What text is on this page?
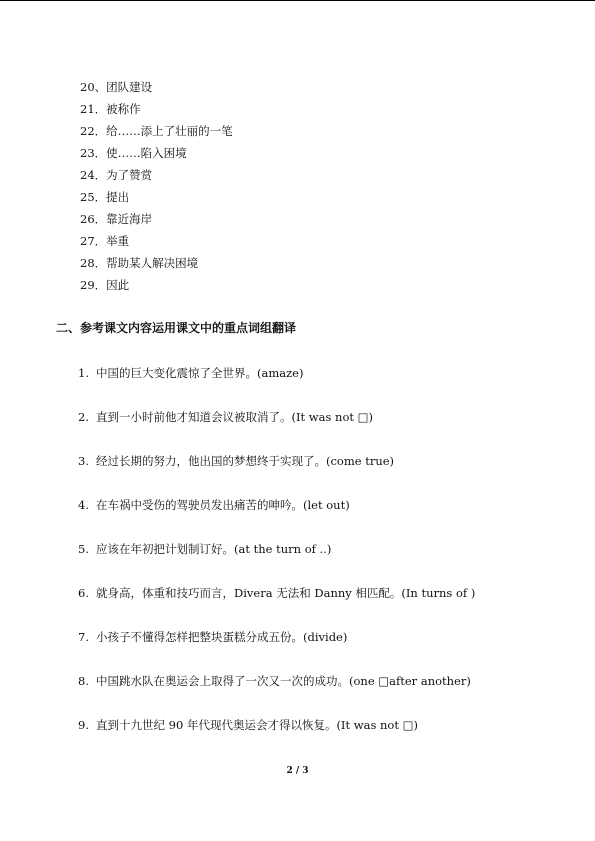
20、团队建设
21．被称作
22．给……添上了壮丽的一笔
23．使……陷入困境
24．为了赞赏
25．提出
26．靠近海岸
27．举重
28．帮助某人解决困境
29．因此
二、参考课文内容运用课文中的重点词组翻译
1. 中国的巨大变化震惊了全世界。(amaze)
2. 直到一小时前他才知道会议被取消了。(It was not □)
3. 经过长期的努力，他出国的梦想终于实现了。(come true)
4. 在车祸中受伤的驾驶员发出痛苦的呻吟。(let out)
5. 应该在年初把计划制订好。(at the turn of ..)
6. 就身高，体重和技巧而言，Divera 无法和 Danny 相匹配。(In turns of )
7. 小孩子不懂得怎样把整块蛋糕分成五份。(divide)
8. 中国跳水队在奥运会上取得了一次又一次的成功。(one □after another)
9. 直到十九世纪 90 年代现代奥运会才得以恢复。(It was not □)
2 / 3
